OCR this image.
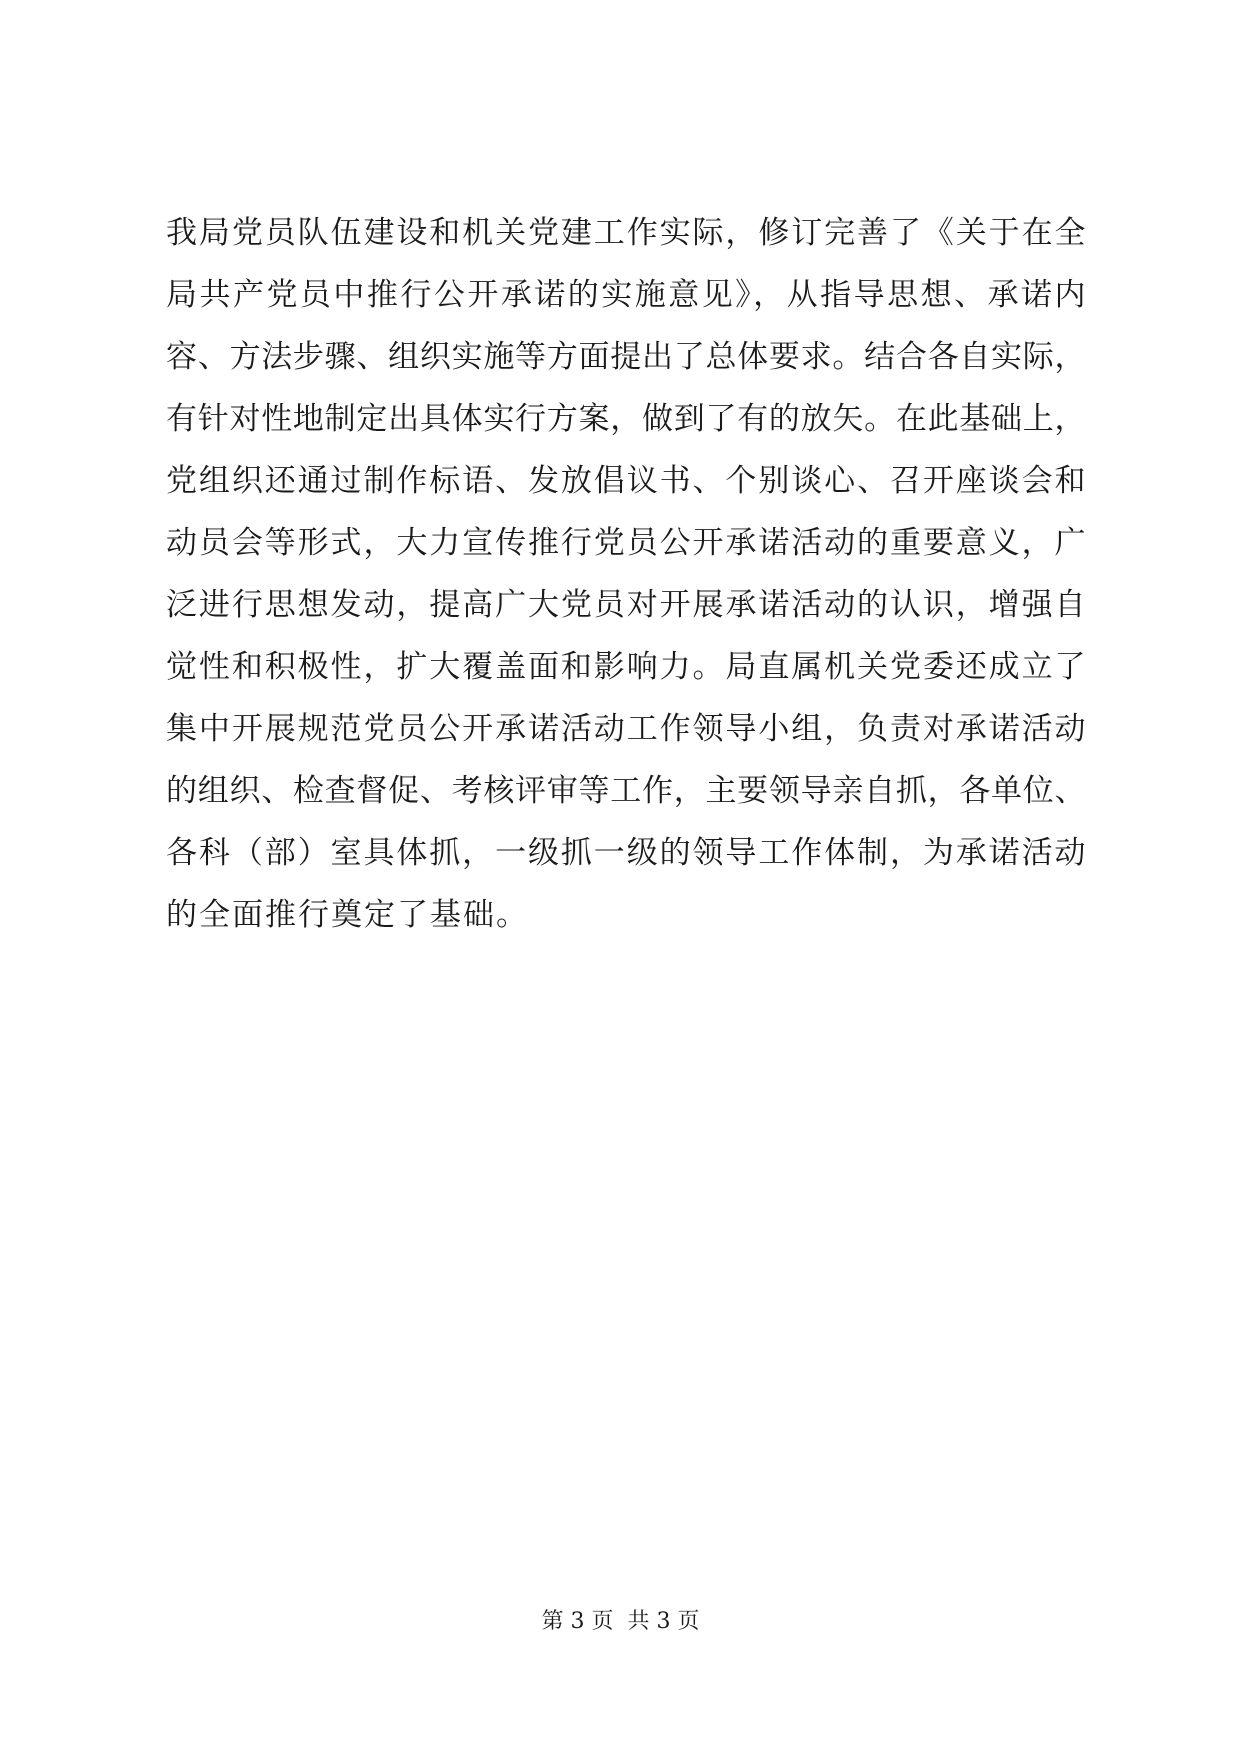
我局党员队伍建设和机关党建工作实际，修订完善了《关于在全
局共产党员中推行公开承诺的实施意见》，从指导思想、承诺内
容、方法步骤、组织实施等方面提出了总体要求。结合各自实际，
有针对性地制定出具体实行方案，做到了有的放矢。在此基础上，
党组织还通过制作标语、发放倡议书、个别谈心、召开座谈会和
动员会等形式，大力宣传推行党员公开承诺活动的重要意义，广
泛进行思想发动，提高广大党员对开展承诺活动的认识，增强自
觉性和积极性，扩大覆盖面和影响力。局直属机关党委还成立了
集中开展规范党员公开承诺活动工作领导小组，负责对承诺活动
的组织、检查督促、考核评审等工作，主要领导亲自抓，各单位、
各科（部）室具体抓，一级抓一级的领导工作体制，为承诺活动
的全面推行奠定了基础。
第 3 页 共 3 页
